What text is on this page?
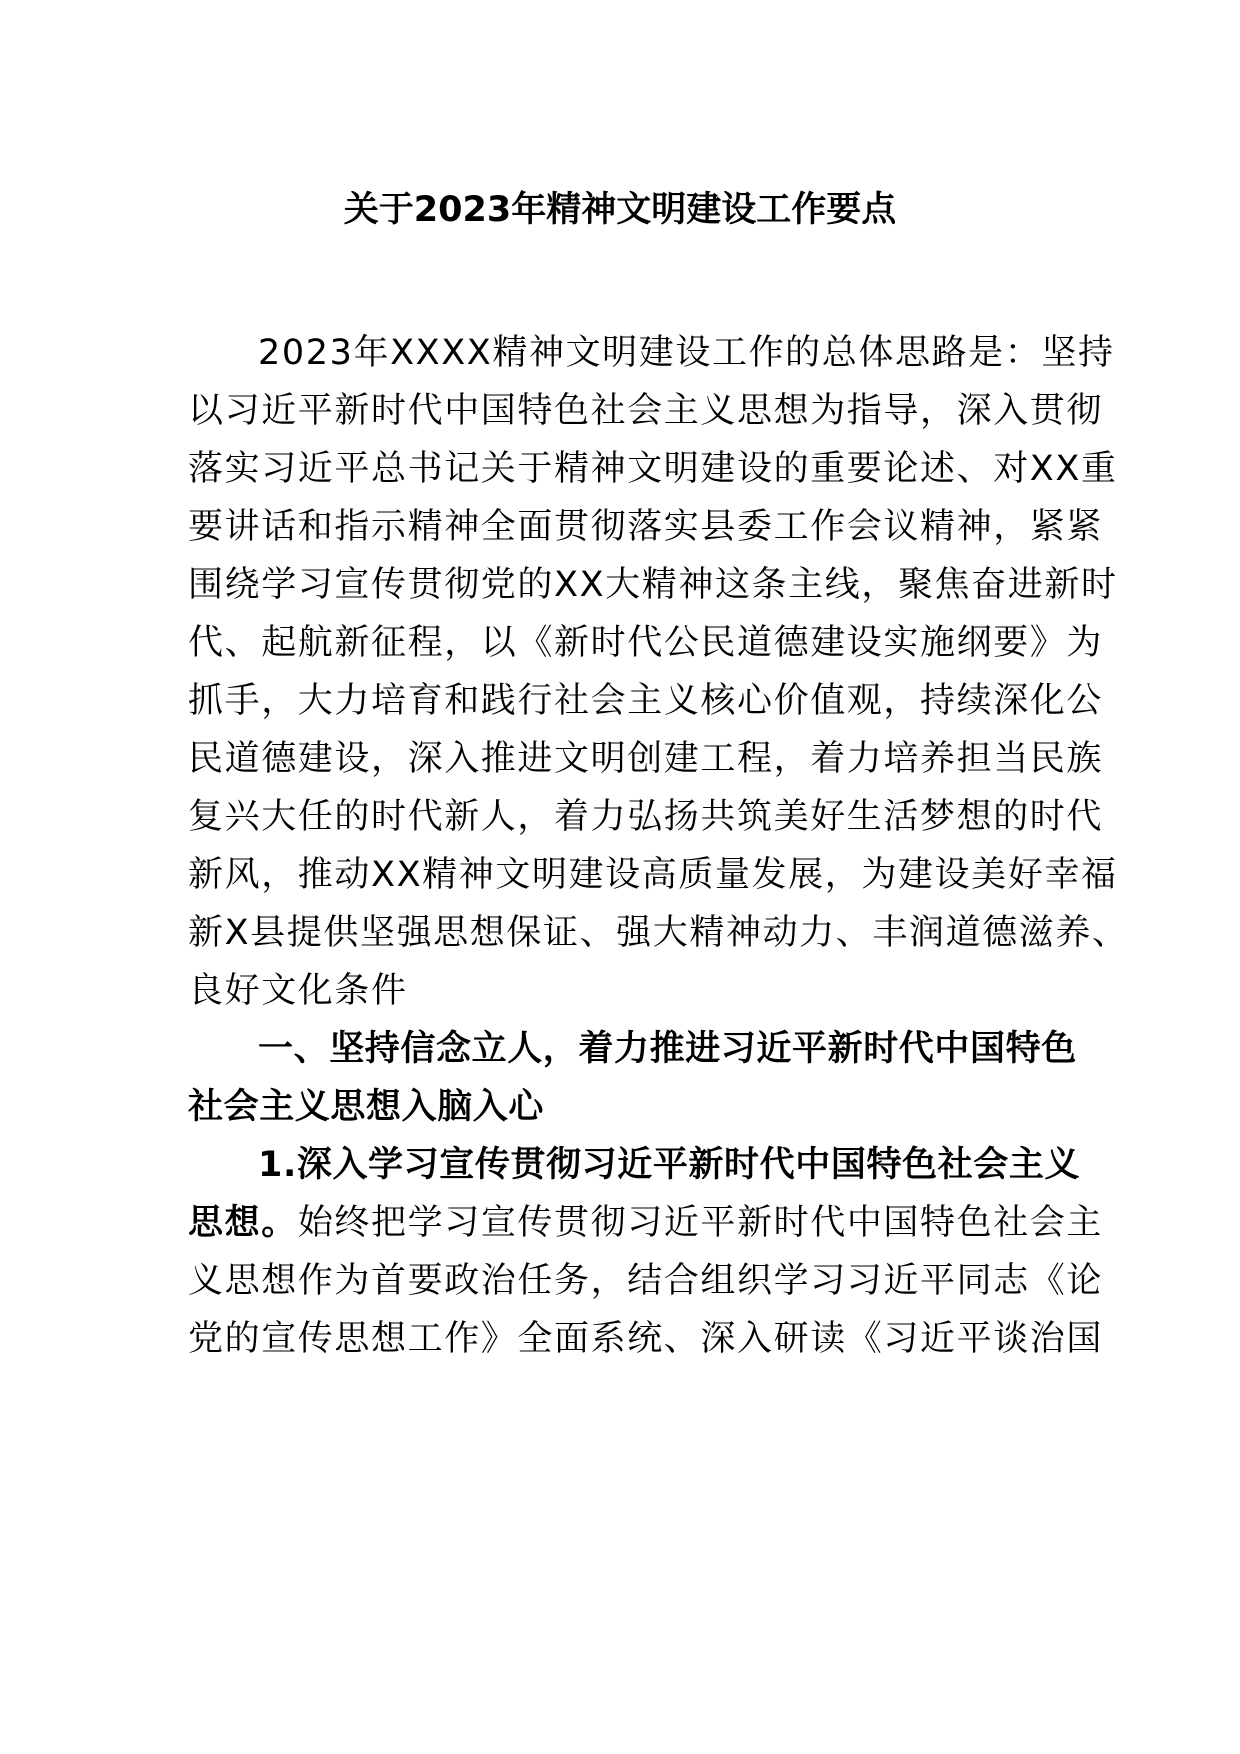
关于2023年精神文明建设工作要点

2023年XXXX精神文明建设工作的总体思路是：坚持

以习近平新时代中国特色社会主义思想为指导，深入贯彻

落实习近平总书记关于精神文明建设的重要论述、对XX重

要讲话和指示精神全面贯彻落实县委工作会议精神，紧紧

围绕学习宣传贯彻党的XX大精神这条主线，聚焦奋进新时

代、起航新征程，以《新时代公民道德建设实施纲要》为

抓手，大力培育和践行社会主义核心价值观，持续深化公

民道德建设，深入推进文明创建工程，着力培养担当民族

复兴大任的时代新人，着力弘扬共筑美好生活梦想的时代

新风，推动XX精神文明建设高质量发展，为建设美好幸福

新X县提供坚强思想保证、强大精神动力、丰润道德滋养、

良好文化条件

一、坚持信念立人，着力推进习近平新时代中国特色

社会主义思想入脑入心

1.深入学习宣传贯彻习近平新时代中国特色社会主义

思想。始终把学习宣传贯彻习近平新时代中国特色社会主

义思想作为首要政治任务，结合组织学习习近平同志《论

党的宣传思想工作》全面系统、深入研读《习近平谈治国
